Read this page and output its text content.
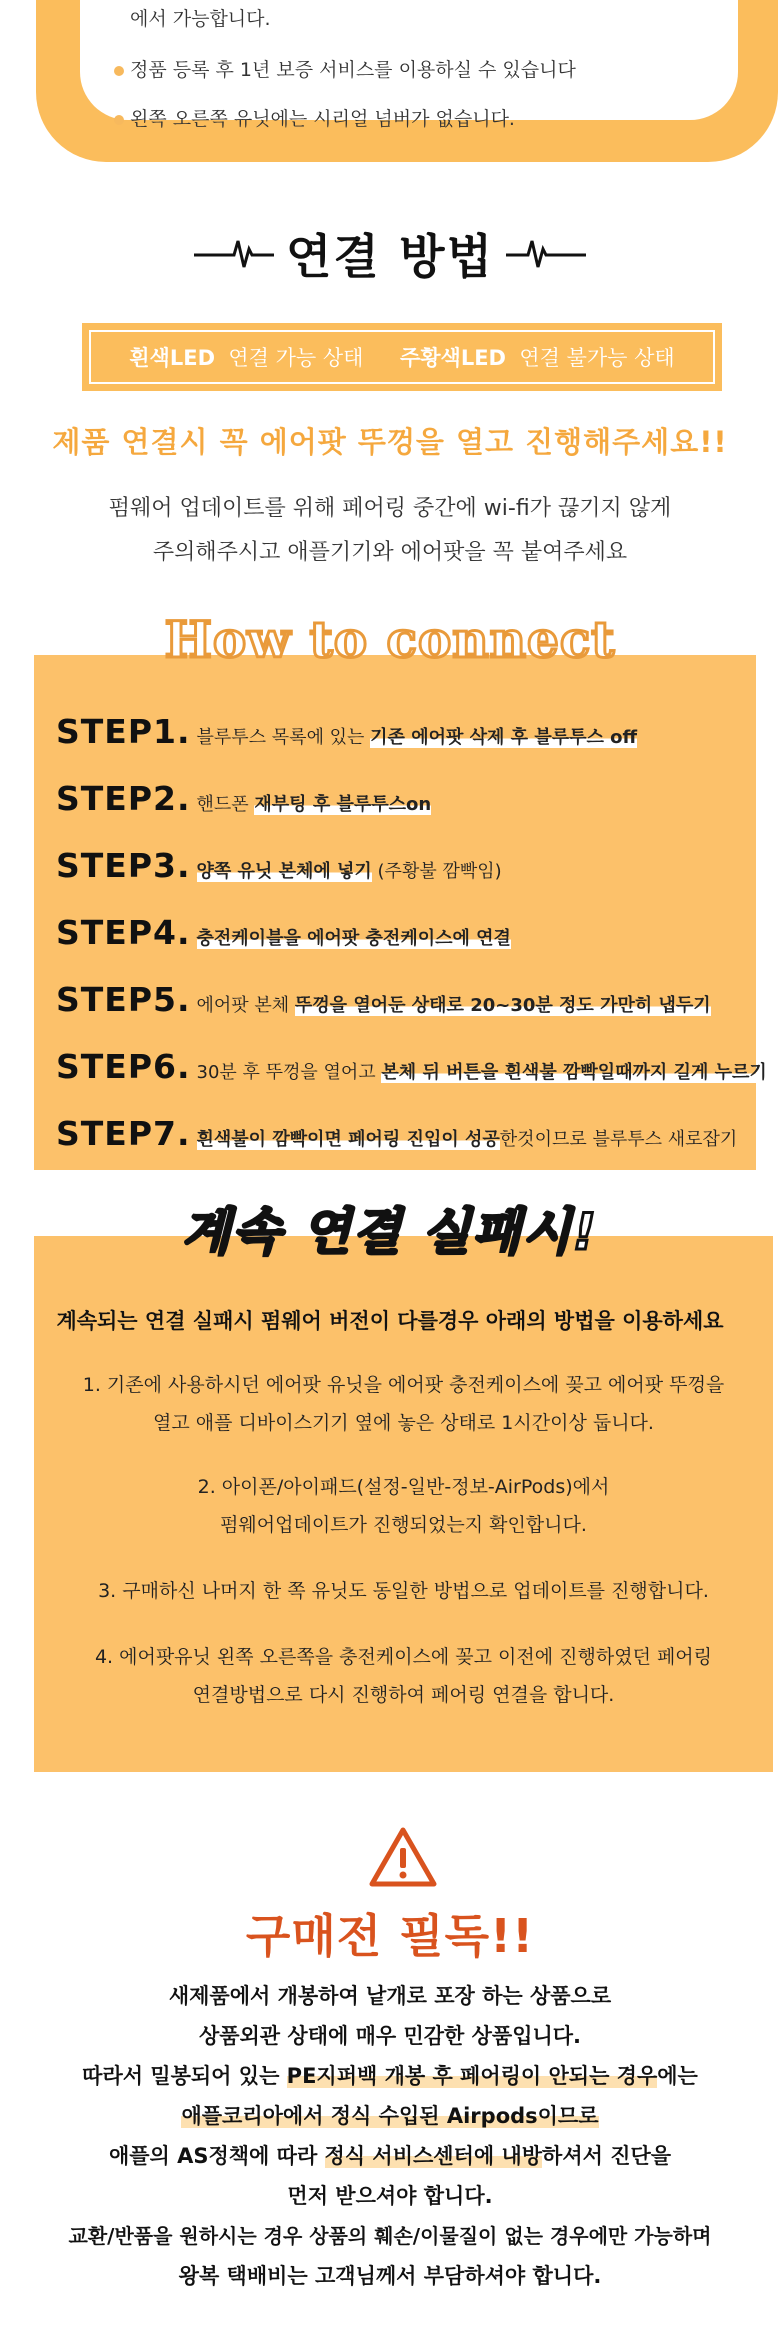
에서 가능합니다.
정품 등록 후 1년 보증 서비스를 이용하실 수 있습니다
왼쪽 오른쪽 유닛에는 시리얼 넘버가 없습니다.
연결 방법
흰색LED 연결 가능 상태 주황색LED 연결 불가능 상태
제품 연결시 꼭 에어팟 뚜껑을 열고 진행해주세요!!
펌웨어 업데이트를 위해 페어링 중간에 wi-fi가 끊기지 않게
주의해주시고 애플기기와 에어팟을 꼭 붙여주세요
How to connect
STEP1. 블루투스 목록에 있는 기존 에어팟 삭제 후 블루투스 off
STEP2. 핸드폰 재부팅 후 블루투스on
STEP3. 양쪽 유닛 본체에 넣기 (주황불 깜빡임)
STEP4. 충전케이블을 에어팟 충전케이스에 연결
STEP5. 에어팟 본체 뚜껑을 열어둔 상태로 20~30분 정도 가만히 냅두기
STEP6. 30분 후 뚜껑을 열어고 본체 뒤 버튼을 흰색불 깜빡일때까지 길게 누르기
STEP7. 흰색불이 깜빡이면 페어링 진입이 성공한것이므로 블루투스 새로잡기
계속 연결 실패시!
계속되는 연결 실패시 펌웨어 버전이 다를경우 아래의 방법을 이용하세요
1. 기존에 사용하시던 에어팟 유닛을 에어팟 충전케이스에 꽂고 에어팟 뚜껑을
열고 애플 디바이스기기 옆에 놓은 상태로 1시간이상 둡니다.
2. 아이폰/아이패드(설정-일반-정보-AirPods)에서
펌웨어업데이트가 진행되었는지 확인합니다.
3. 구매하신 나머지 한 쪽 유닛도 동일한 방법으로 업데이트를 진행합니다.
4. 에어팟유닛 왼쪽 오른쪽을 충전케이스에 꽂고 이전에 진행하였던 페어링
연결방법으로 다시 진행하여 페어링 연결을 합니다.
구매전 필독!!
새제품에서 개봉하여 낱개로 포장 하는 상품으로
상품외관 상태에 매우 민감한 상품입니다.
따라서 밀봉되어 있는 PE지퍼백 개봉 후 페어링이 안되는 경우에는
애플코리아에서 정식 수입된 Airpods이므로
애플의 AS정책에 따라 정식 서비스센터에 내방하셔서 진단을
먼저 받으셔야 합니다.
교환/반품을 원하시는 경우 상품의 훼손/이물질이 없는 경우에만 가능하며
왕복 택배비는 고객님께서 부담하셔야 합니다.
